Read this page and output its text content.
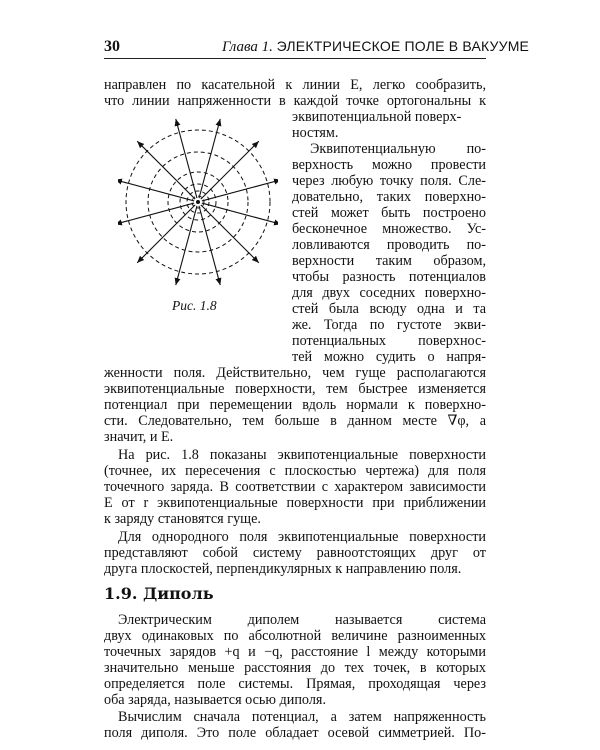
30	Глава 1. ЭЛЕКТРИЧЕСКОЕ ПОЛЕ В ВАКУУМЕ

направлен по касательной к линии E, легко сообразить,

что линии напряженности в каждой точке ортогональны к

Рис. 1.8

эквипотенциальной поверх-

ностям.

Эквипотенциальную по-

верхность можно провести

через любую точку поля. Сле-

довательно, таких поверхно-

стей может быть построено

бесконечное множество. Ус-

ловливаются проводить по-

верхности таким образом,

чтобы разность потенциалов

для двух соседних поверхно-

стей была всюду одна и та

же. Тогда по густоте экви-

потенциальных поверхнос-

тей можно судить о напря-

женности поля. Действительно, чем гуще располагаются

эквипотенциальные поверхности, тем быстрее изменяется

потенциал при перемещении вдоль нормали к поверхно-

сти. Следовательно, тем больше в данном месте ∇φ, а

значит, и E.

На рис. 1.8 показаны эквипотенциальные поверхности

(точнее, их пересечения с плоскостью чертежа) для поля

точечного заряда. В соответствии с характером зависимости

E от r эквипотенциальные поверхности при приближении

к заряду становятся гуще.

Для однородного поля эквипотенциальные поверхности

представляют собой систему равноотстоящих друг от

друга плоскостей, перпендикулярных к направлению поля.

1.9. Диполь

Электрическим диполем называется система

двух одинаковых по абсолютной величине разноименных

точечных зарядов +q и −q, расстояние l между которыми

значительно меньше расстояния до тех точек, в которых

определяется поле системы. Прямая, проходящая через

оба заряда, называется осью диполя.

Вычислим сначала потенциал, а затем напряженность

поля диполя. Это поле обладает осевой симметрией. По-
